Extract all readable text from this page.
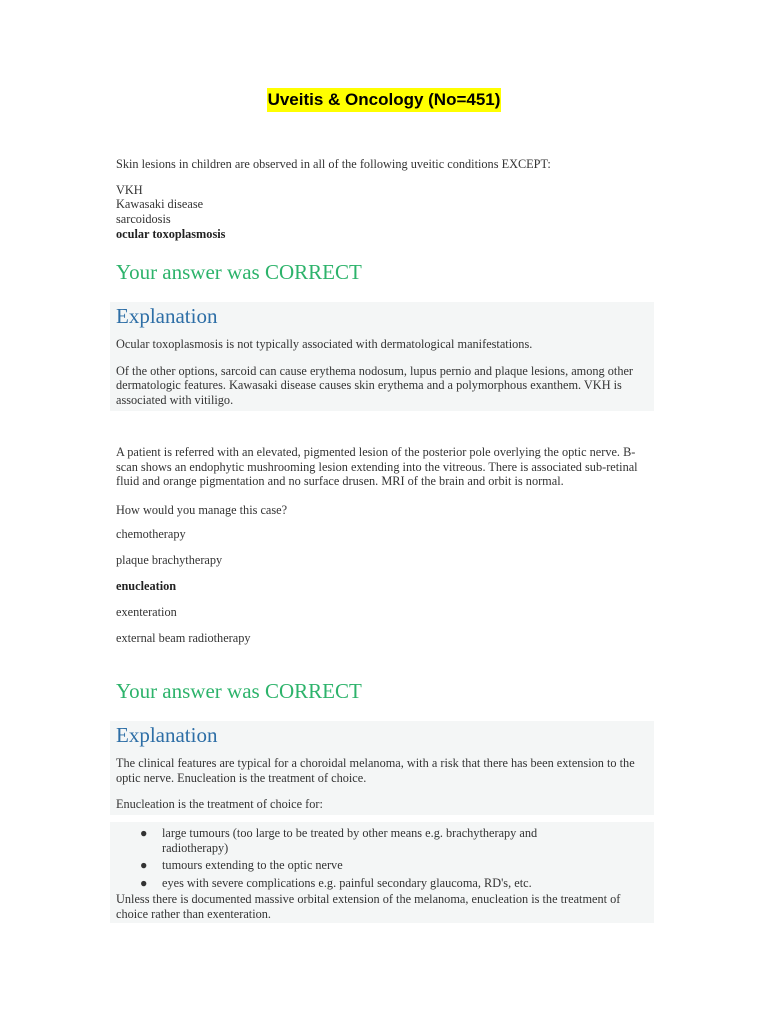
Uveitis & Oncology (No=451)

Skin lesions in children are observed in all of the following uveitic conditions EXCEPT:

VKH
Kawasaki disease
sarcoidosis
ocular toxoplasmosis
Your answer was CORRECT
Explanation

Ocular toxoplasmosis is not typically associated with dermatological manifestations.

Of the other options, sarcoid can cause erythema nodosum, lupus pernio and plaque lesions, among other dermatologic features. Kawasaki disease causes skin erythema and a polymorphous exanthem. VKH is associated with vitiligo.

A patient is referred with an elevated, pigmented lesion of the posterior pole overlying the optic nerve. B-scan shows an endophytic mushrooming lesion extending into the vitreous. There is associated sub-retinal fluid and orange pigmentation and no surface drusen. MRI of the brain and orbit is normal.

How would you manage this case?

chemotherapy
plaque brachytherapy
enucleation
exenteration
external beam radiotherapy
Your answer was CORRECT
Explanation

The clinical features are typical for a choroidal melanoma, with a risk that there has been extension to the optic nerve. Enucleation is the treatment of choice.

Enucleation is the treatment of choice for:

● large tumours (too large to be treated by other means e.g. brachytherapy and radiotherapy)
● tumours extending to the optic nerve
● eyes with severe complications e.g. painful secondary glaucoma, RD's, etc.

Unless there is documented massive orbital extension of the melanoma, enucleation is the treatment of choice rather than exenteration.
